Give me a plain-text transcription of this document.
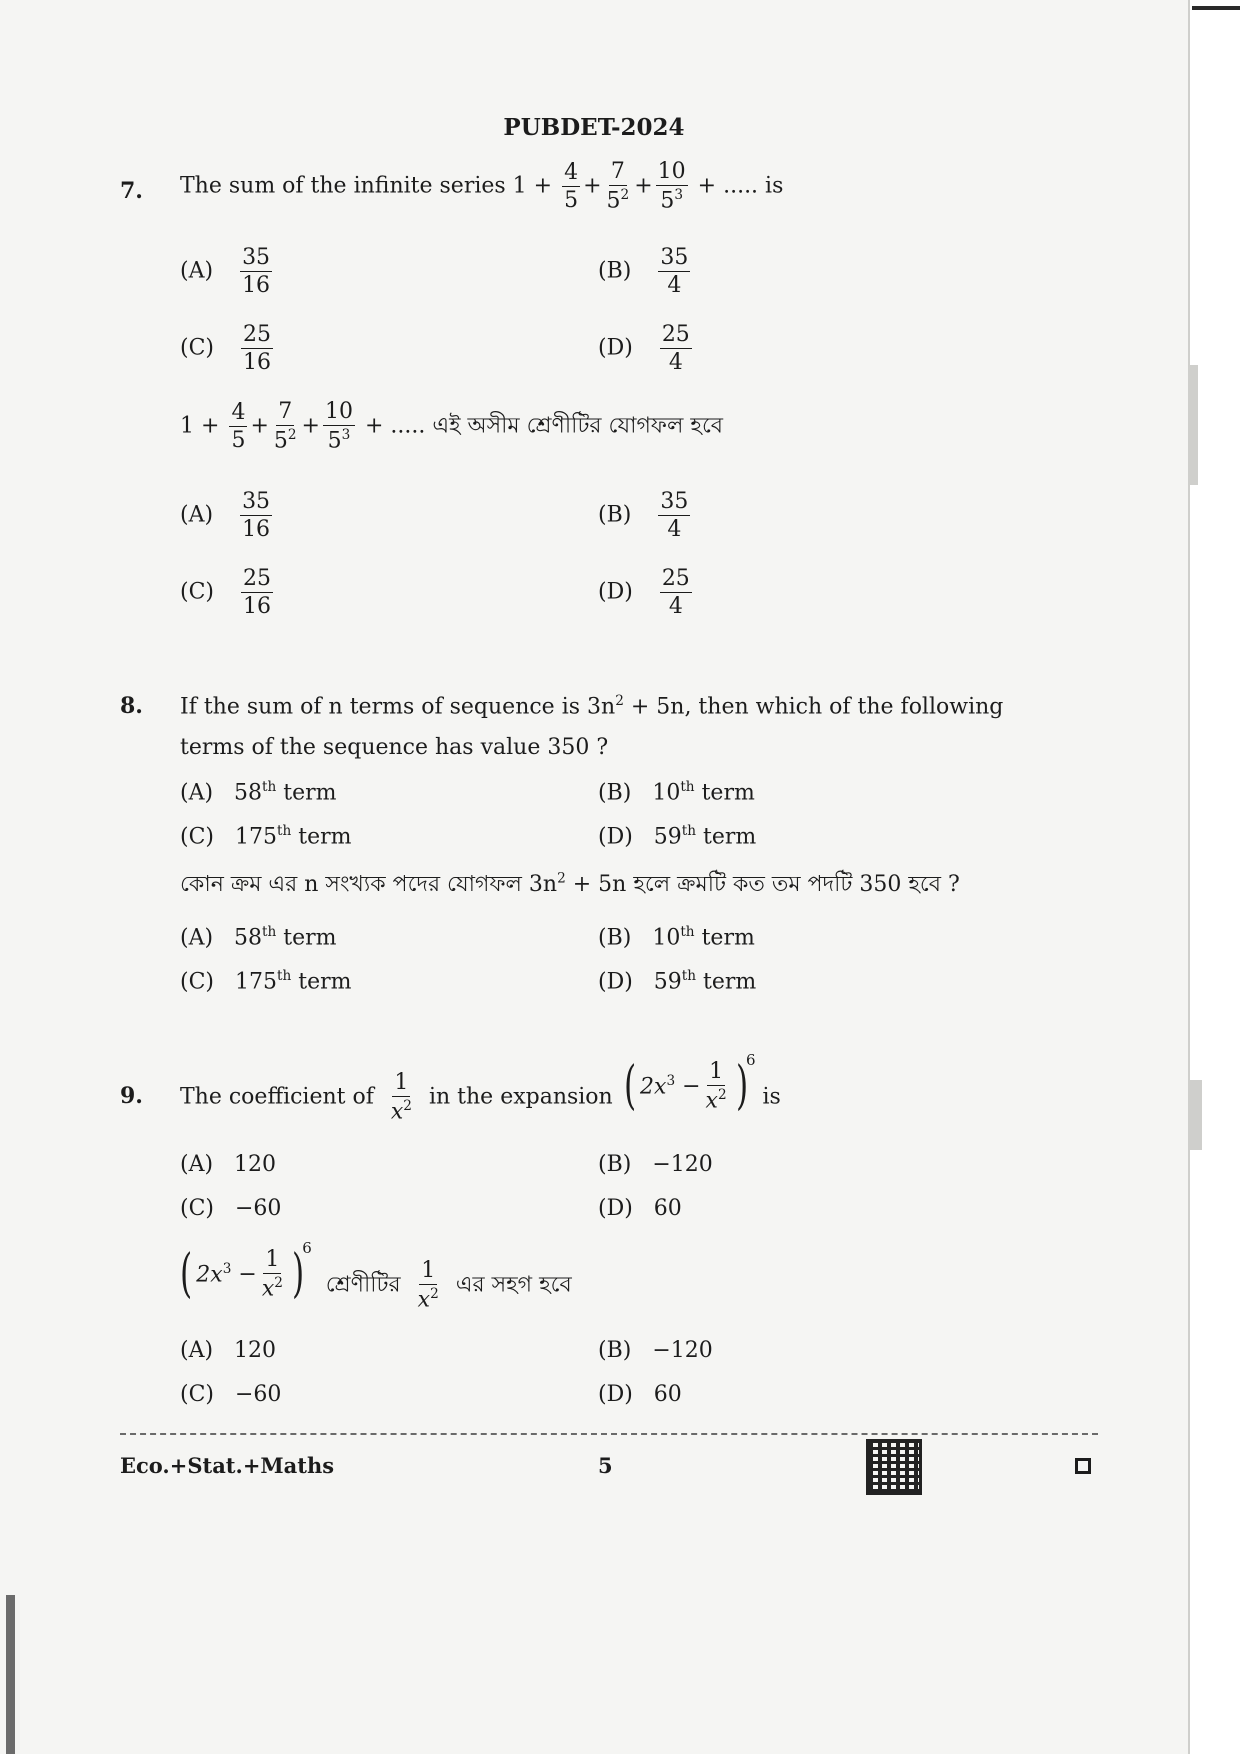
PUBDET-2024
7. The sum of the infinite series $1 + \frac{4}{5} + \frac{7}{5^2} + \frac{10}{5^3}$ + ..... is
$(A) \frac{35}{16}$	$(B) \frac{35}{4}$
$(C) \frac{25}{16}$	$(D) \frac{25}{4}$
$1 + \frac{4}{5} + \frac{7}{5^2} + \frac{10}{5^3}$ + ..... এই অসীম শ্রেণীটির যোগফল হবে
$(A) \frac{35}{16}$	$(B) \frac{35}{4}$
$(C) \frac{25}{16}$	$(D) \frac{25}{4}$
8. If the sum of n terms of sequence is $3n^2 + 5n$, then which of the following
terms of the sequence has value 350 ?
(A) 58th term	(B) 10th term
(C) 175th term	(D) 59th term
কোন ক্রম এর n সংখ্যক পদের যোগফল $3n^2 + 5n$ হলে ক্রমটি কত তম পদটি 350 হবে ?
(A) 58th term	(B) 10th term
(C) 175th term	(D) 59th term
9. The coefficient of $\frac{1}{x^2}$ in the expansion ( $2x^3$
− $\frac{1}{x^2}$ )
6
is
(A) 120	(B) −120
(C) −60	(D) 60
( $2x^3$
− $\frac{1}{x^2}$ )
6
শ্রেণীটির $\frac{1}{x^2}$ এর সহগ হবে
(A) 120	(B) −120
(C) −60	(D) 60
Eco.+Stat.+Maths	5
